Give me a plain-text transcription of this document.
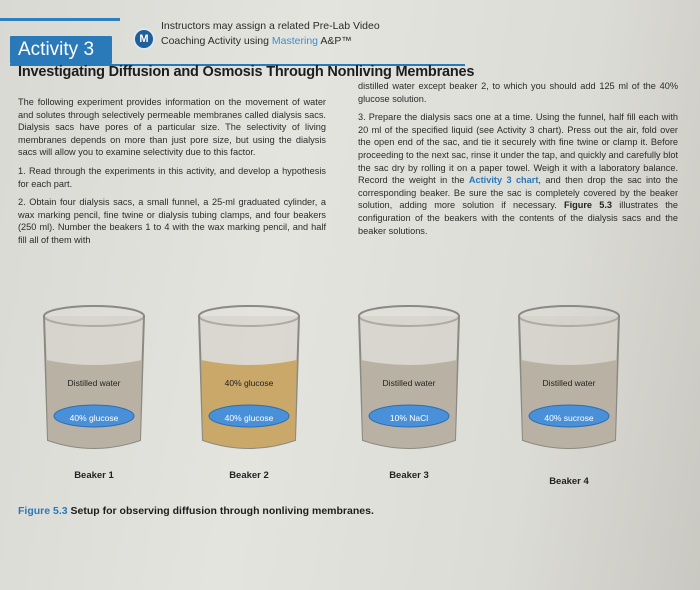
Activity 3	M
Instructors may assign a related Pre-Lab Video
Coaching Activity using Mastering A&P™
Investigating Diffusion and Osmosis Through Nonliving Membranes

The following experiment provides information on the movement of water and solutes through selectively permeable membranes called dialysis sacs. Dialysis sacs have pores of a particular size. The selectivity of living membranes depends on more than just pore size, but using the dialysis sacs will allow you to examine selectivity due to this factor.

1. Read through the experiments in this activity, and develop a hypothesis for each part.
2. Obtain four dialysis sacs, a small funnel, a 25-ml graduated cylinder, a wax marking pencil, fine twine or dialysis tubing clamps, and four beakers (250 ml). Number the beakers 1 to 4 with the wax marking pencil, and half fill all of them with

distilled water except beaker 2, to which you should add 125 ml of the 40% glucose solution.

3. Prepare the dialysis sacs one at a time. Using the funnel, half fill each with 20 ml of the specified liquid (see Activity 3 chart). Press out the air, fold over the open end of the sac, and tie it securely with fine twine or clamp it. Before proceeding to the next sac, rinse it under the tap, and quickly and carefully blot the sac dry by rolling it on a paper towel. Weigh it with a laboratory balance. Record the weight in the Activity 3 chart, and then drop the sac into the corresponding beaker. Be sure the sac is completely covered by the beaker solution, adding more solution if necessary. Figure 5.3 illustrates the configuration of the beakers with the contents of the dialysis sacs and the beaker solutions.
Distilled water
40% glucose
Beaker 1
40% glucose
40% glucose
Beaker 2
Distilled water
10% NaCl
Beaker 3
Distilled water
40% sucrose
Beaker 4
Figure 5.3 Setup for observing diffusion through nonliving membranes.
